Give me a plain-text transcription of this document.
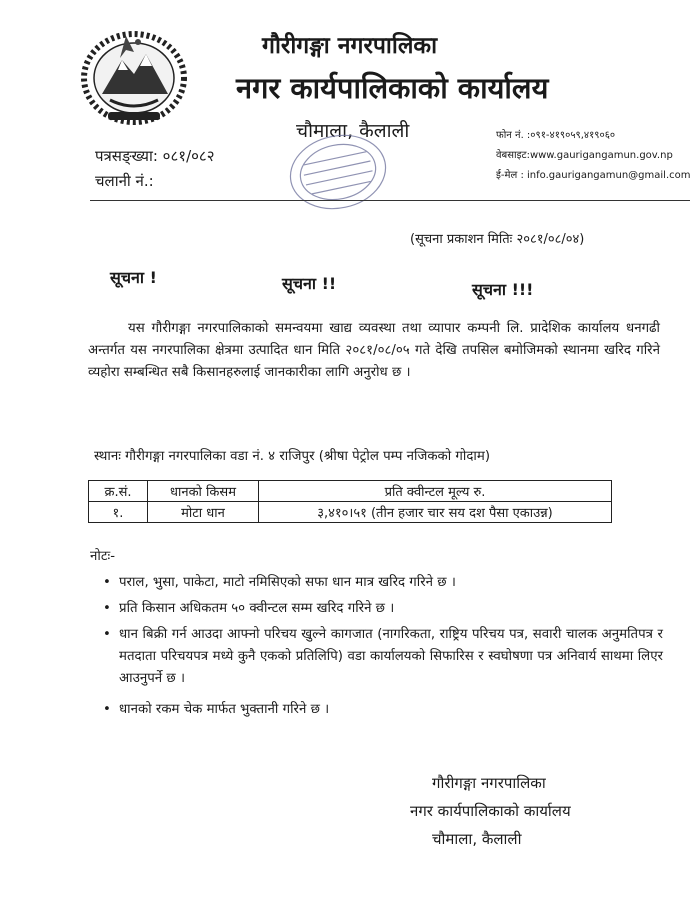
गौरीगङ्गा नगरपालिका
नगर कार्यपालिकाको कार्यालय
चौमाला, कैलाली	फोन नं. :०९१-४१९०५९,४१९०६०
वेबसाइट:www.gaurigangamun.gov.np
ई-मेल : info.gaurigangamun@gmail.com
पत्रसङ्ख्या: ०८१/०८२
चलानी नं.:
(सूचना प्रकाशन मितिः २०८१/०८/०४)
सूचना !	सूचना !!	सूचना !!!
यस गौरीगङ्गा नगरपालिकाको समन्वयमा खाद्य व्यवस्था तथा व्यापार कम्पनी लि. प्रादेशिक कार्यालय धनगढी अन्तर्गत यस नगरपालिका क्षेत्रमा उत्पादित धान मिति २०८१/०८/०५ गते देखि तपसिल बमोजिमको स्थानमा खरिद गरिने व्यहोरा सम्बन्धित सबै किसानहरुलाई जानकारीका लागि अनुरोध छ ।
स्थानः गौरीगङ्गा नगरपालिका वडा नं. ४ राजिपुर (श्रीषा पेट्रोल पम्प नजिकको गोदाम)
क्र.सं.	धानको किसम	प्रति क्वीन्टल मूल्य रु.
१.	मोटा धान	३,४१०।५१ (तीन हजार चार सय दश पैसा एकाउन्न)
नोटः-
• पराल, भुसा, पाकेटा, माटो नमिसिएको सफा धान मात्र खरिद गरिने छ ।
• प्रति किसान अधिकतम ५० क्वीन्टल सम्म खरिद गरिने छ ।
• धान बिक्री गर्न आउदा आफ्नो परिचय खुल्ने कागजात (नागरिकता, राष्ट्रिय परिचय पत्र, सवारी चालक अनुमतिपत्र र मतदाता परिचयपत्र मध्ये कुनै एकको प्रतिलिपि) वडा कार्यालयको सिफारिस र स्वघोषणा पत्र अनिवार्य साथमा लिएर आउनुपर्ने छ ।
• धानको रकम चेक मार्फत भुक्तानी गरिने छ ।
गौरीगङ्गा नगरपालिका
नगर कार्यपालिकाको कार्यालय
चौमाला, कैलाली
